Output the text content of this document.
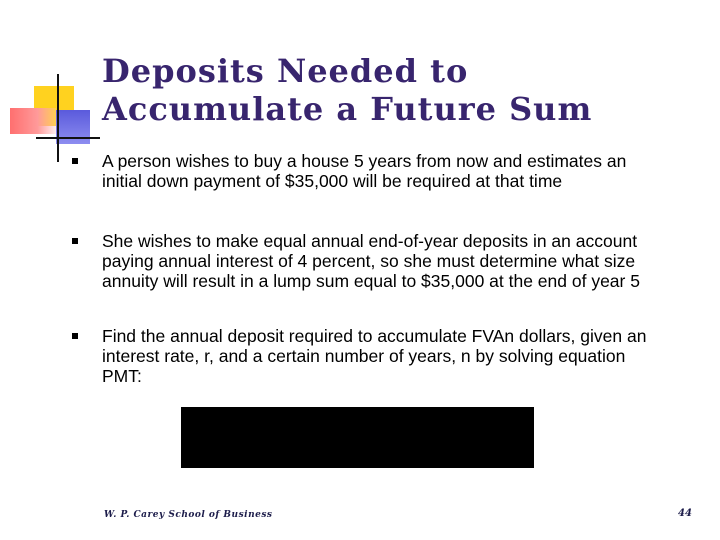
Deposits Needed to
Accumulate a Future Sum
A person wishes to buy a house 5 years from now and estimates an initial down payment of $35,000 will be required at that time
She wishes to make equal annual end-of-year deposits in an account paying annual interest of 4 percent, so she must determine what size annuity will result in a lump sum equal to $35,000 at the end of year 5
Find the annual deposit required to accumulate FVAn dollars, given an interest rate, r, and a certain number of years, n by solving equation PMT:
W. P. Carey School of Business	44
